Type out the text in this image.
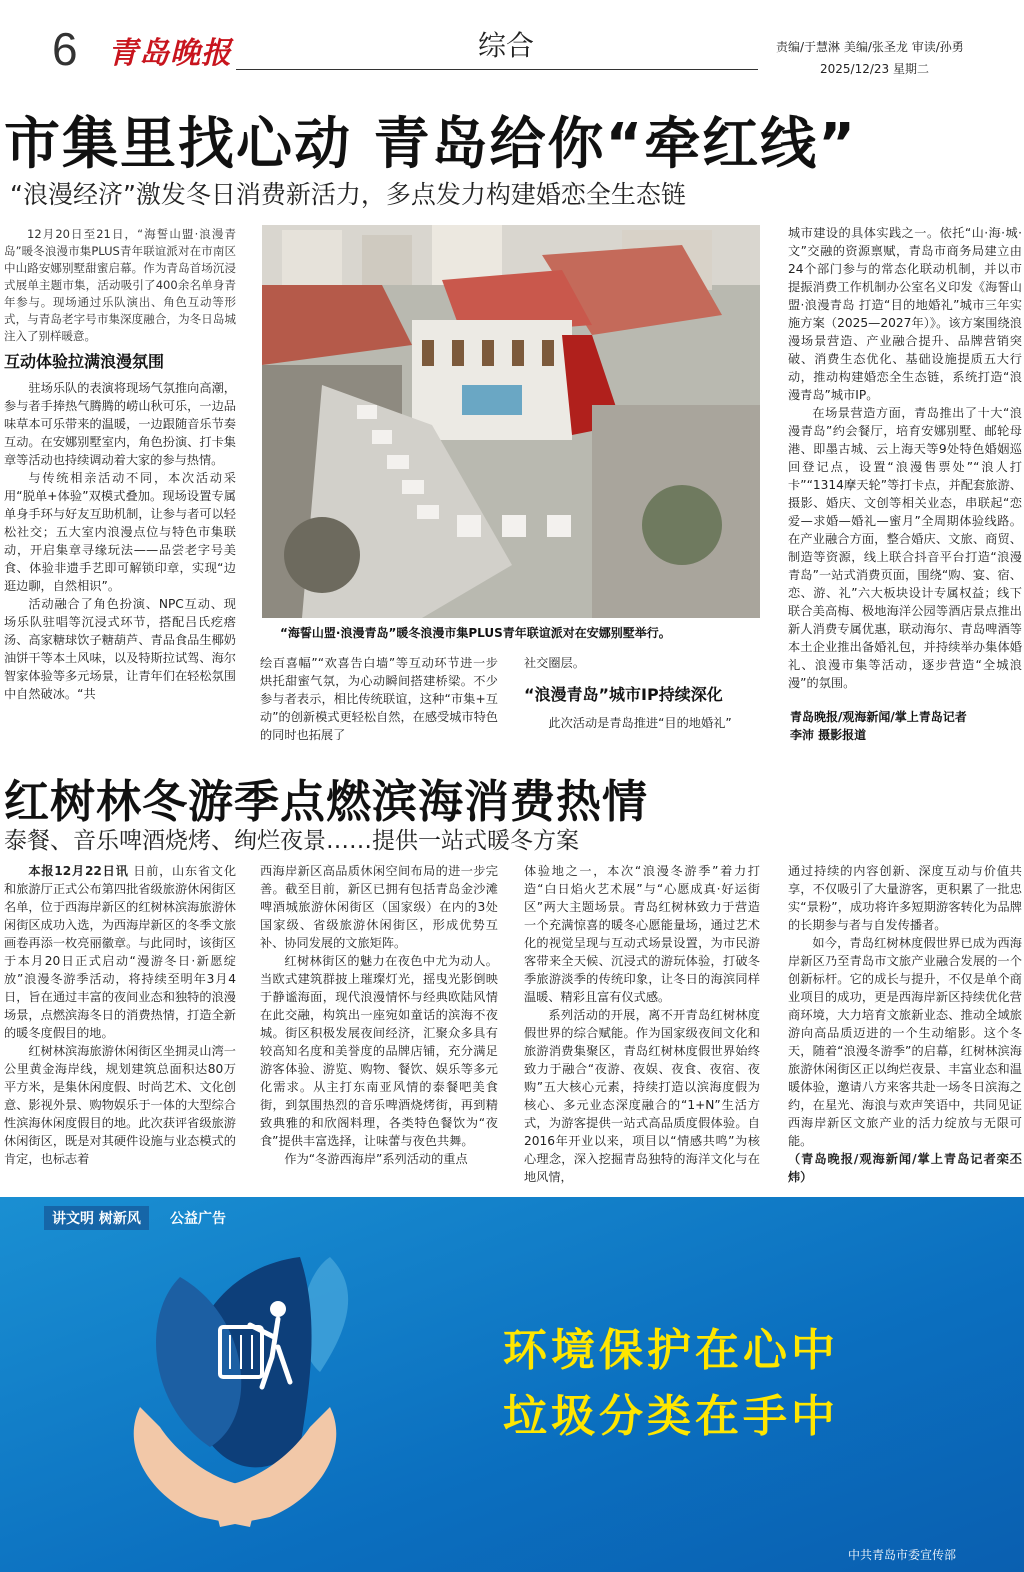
6 青岛晚报	综合	责编/于慧淋 美编/张圣龙 审读/孙勇
2025/12/23 星期二
市集里找心动 青岛给你“牵红线”
“浪漫经济”激发冬日消费新活力，多点发力构建婚恋全生态链

12月20日至21日，“海誓山盟·浪漫青岛”暖冬浪漫市集PLUS青年联谊派对在市南区中山路安娜别墅甜蜜启幕。作为青岛首场沉浸式展单主题市集，活动吸引了400余名单身青年参与。现场通过乐队演出、角色互动等形式，与青岛老字号市集深度融合，为冬日岛城注入了别样暖意。

互动体验拉满浪漫氛围

驻场乐队的表演将现场气氛推向高潮，参与者手捧热气腾腾的崂山秋可乐，一边品味草本可乐带来的温暖，一边跟随音乐节奏互动。在安娜别墅室内，角色扮演、打卡集章等活动也持续调动着大家的参与热情。

与传统相亲活动不同，本次活动采用“脱单+体验”双模式叠加。现场设置专属单身手环与好友互助机制，让参与者可以轻松社交；五大室内浪漫点位与特色市集联动，开启集章寻缘玩法——品尝老字号美食、体验非遗手艺即可解锁印章，实现“边逛边聊，自然相识”。

活动融合了角色扮演、NPC互动、现场乐队驻唱等沉浸式环节，搭配吕氏疙瘩汤、高家糖球饮子糖葫芦、青品食品生椰奶油饼干等本土风味，以及特斯拉试驾、海尔智家体验等多元场景，让青年们在轻松氛围中自然破冰。“共

“海誓山盟·浪漫青岛”暖冬浪漫市集PLUS青年联谊派对在安娜别墅举行。

绘百喜幅”“欢喜告白墙”等互动环节进一步烘托甜蜜气氛，为心动瞬间搭建桥梁。不少参与者表示，相比传统联谊，这种“市集+互动”的创新模式更轻松自然，在感受城市特色的同时也拓展了

社交圈层。

“浪漫青岛”城市IP持续深化

此次活动是青岛推进“目的地婚礼”

城市建设的具体实践之一。依托“山·海·城·文”交融的资源禀赋，青岛市商务局建立由24个部门参与的常态化联动机制，并以市提振消费工作机制办公室名义印发《海誓山盟·浪漫青岛 打造“目的地婚礼”城市三年实施方案（2025—2027年）》。该方案围绕浪漫场景营造、产业融合提升、品牌营销突破、消费生态优化、基础设施提质五大行动，推动构建婚恋全生态链，系统打造“浪漫青岛”城市IP。

在场景营造方面，青岛推出了十大“浪漫青岛”约会餐厅，培育安娜别墅、邮轮母港、即墨古城、云上海天等9处特色婚姻巡回登记点，设置“浪漫售票处”“浪人打卡”“1314摩天轮”等打卡点，并配套旅游、摄影、婚庆、文创等相关业态，串联起“恋爱—求婚—婚礼—蜜月”全周期体验线路。在产业融合方面，整合婚庆、文旅、商贸、制造等资源，线上联合抖音平台打造“浪漫青岛”一站式消费页面，围绕“购、宴、宿、恋、游、礼”六大板块设计专属权益；线下联合美高梅、极地海洋公园等酒店景点推出新人消费专属优惠，联动海尔、青岛啤酒等本土企业推出备婚礼包，并持续举办集体婚礼、浪漫市集等活动，逐步营造“全城浪漫”的氛围。

青岛晚报/观海新闻/掌上青岛记者
李沛 摄影报道
红树林冬游季点燃滨海消费热情
泰餐、音乐啤酒烧烤、绚烂夜景……提供一站式暖冬方案

本报12月22日讯 日前，山东省文化和旅游厅正式公布第四批省级旅游休闲街区名单，位于西海岸新区的红树林滨海旅游休闲街区成功入选，为西海岸新区的冬季文旅画卷再添一枚亮丽徽章。与此同时，该街区于本月20日正式启动“漫游冬日·新愿绽放”浪漫冬游季活动，将持续至明年3月4日，旨在通过丰富的夜间业态和独特的浪漫场景，点燃滨海冬日的消费热情，打造全新的暖冬度假目的地。

红树林滨海旅游休闲街区坐拥灵山湾一公里黄金海岸线，规划建筑总面积达80万平方米，是集休闲度假、时尚艺术、文化创意、影视外景、购物娱乐于一体的大型综合性滨海休闲度假目的地。此次获评省级旅游休闲街区，既是对其硬件设施与业态模式的肯定，也标志着

西海岸新区高品质休闲空间布局的进一步完善。截至目前，新区已拥有包括青岛金沙滩啤酒城旅游休闲街区（国家级）在内的3处国家级、省级旅游休闲街区，形成优势互补、协同发展的文旅矩阵。

红树林街区的魅力在夜色中尤为动人。当欧式建筑群披上璀璨灯光，摇曳光影倒映于静谧海面，现代浪漫情怀与经典欧陆风情在此交融，构筑出一座宛如童话的滨海不夜城。街区积极发展夜间经济，汇聚众多具有较高知名度和美誉度的品牌店铺，充分满足游客体验、游览、购物、餐饮、娱乐等多元化需求。从主打东南亚风情的泰餐吧美食街，到氛围热烈的音乐啤酒烧烤街，再到精致典雅的和欣阁料理，各类特色餐饮为“夜食”提供丰富选择，让味蕾与夜色共舞。

作为“冬游西海岸”系列活动的重点

体验地之一，本次“浪漫冬游季”着力打造“白日焰火艺术展”与“心愿成真·好运街区”两大主题场景。青岛红树林致力于营造一个充满惊喜的暖冬心愿能量场，通过艺术化的视觉呈现与互动式场景设置，为市民游客带来全天候、沉浸式的游玩体验，打破冬季旅游淡季的传统印象，让冬日的海滨同样温暖、精彩且富有仪式感。

系列活动的开展，离不开青岛红树林度假世界的综合赋能。作为国家级夜间文化和旅游消费集聚区，青岛红树林度假世界始终致力于融合“夜游、夜娱、夜食、夜宿、夜购”五大核心元素，持续打造以滨海度假为核心、多元业态深度融合的“1+N”生活方式，为游客提供一站式高品质度假体验。自2016年开业以来，项目以“情感共鸣”为核心理念，深入挖掘青岛独特的海洋文化与在地风情，

通过持续的内容创新、深度互动与价值共享，不仅吸引了大量游客，更积累了一批忠实“景粉”，成功将许多短期游客转化为品牌的长期参与者与自发传播者。

如今，青岛红树林度假世界已成为西海岸新区乃至青岛市文旅产业融合发展的一个创新标杆。它的成长与提升，不仅是单个商业项目的成功，更是西海岸新区持续优化营商环境，大力培育文旅新业态、推动全域旅游向高品质迈进的一个生动缩影。这个冬天，随着“浪漫冬游季”的启幕，红树林滨海旅游休闲街区正以绚烂夜景、丰富业态和温暖体验，邀请八方来客共赴一场冬日滨海之约，在星光、海浪与欢声笑语中，共同见证西海岸新区文旅产业的活力绽放与无限可能。

（青岛晚报/观海新闻/掌上青岛记者栾丕炜）

讲文明 树新风	公益广告
环境保护在心中
垃圾分类在手中
中共青岛市委宣传部
